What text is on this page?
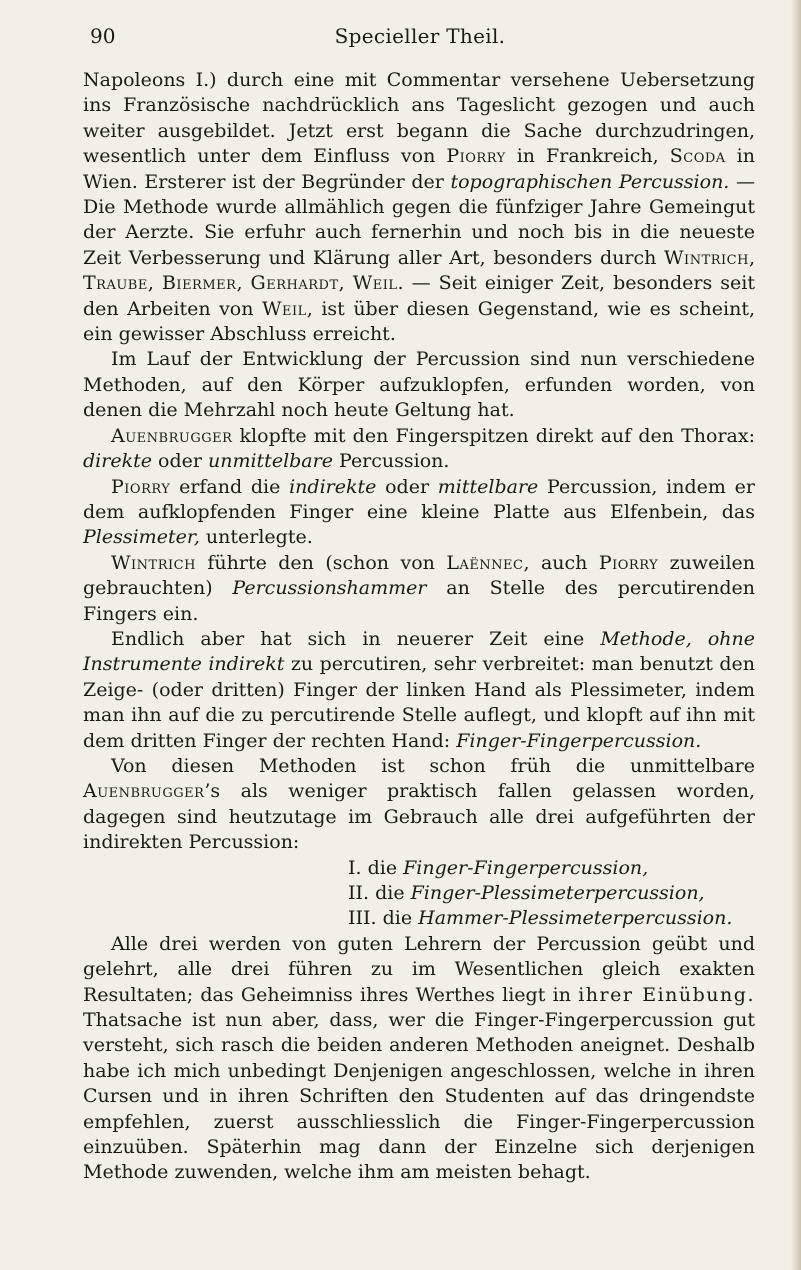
90	Specieller Theil.

Napoleons I.) durch eine mit Commentar versehene Uebersetzung ins Französische nachdrücklich ans Tageslicht gezogen und auch weiter ausgebildet. Jetzt erst begann die Sache durchzudringen, wesentlich unter dem Einfluss von Piorry in Frankreich, Scoda in Wien. Ersterer ist der Begründer der topographischen Percussion. — Die Methode wurde allmählich gegen die fünfziger Jahre Gemeingut der Aerzte. Sie erfuhr auch fernerhin und noch bis in die neueste Zeit Verbesserung und Klärung aller Art, besonders durch Wintrich, Traube, Biermer, Gerhardt, Weil. — Seit einiger Zeit, besonders seit den Arbeiten von Weil, ist über diesen Gegenstand, wie es scheint, ein gewisser Abschluss erreicht.

Im Lauf der Entwicklung der Percussion sind nun verschiedene Methoden, auf den Körper aufzuklopfen, erfunden worden, von denen die Mehrzahl noch heute Geltung hat.

Auenbrugger klopfte mit den Fingerspitzen direkt auf den Thorax: direkte oder unmittelbare Percussion.

Piorry erfand die indirekte oder mittelbare Percussion, indem er dem aufklopfenden Finger eine kleine Platte aus Elfenbein, das Plessimeter, unterlegte.

Wintrich führte den (schon von Laënnec, auch Piorry zuweilen gebrauchten) Percussionshammer an Stelle des percutirenden Fingers ein.

Endlich aber hat sich in neuerer Zeit eine Methode, ohne Instrumente indirekt zu percutiren, sehr verbreitet: man benutzt den Zeige- (oder dritten) Finger der linken Hand als Plessimeter, indem man ihn auf die zu percutirende Stelle auflegt, und klopft auf ihn mit dem dritten Finger der rechten Hand: Finger-Fingerpercussion.

Von diesen Methoden ist schon früh die unmittelbare Auenbrugger’s als weniger praktisch fallen gelassen worden, dagegen sind heutzutage im Gebrauch alle drei aufgeführten der indirekten Percussion:

I. die Finger-Fingerpercussion,
II. die Finger-Plessimeterpercussion,
III. die Hammer-Plessimeterpercussion.

Alle drei werden von guten Lehrern der Percussion geübt und gelehrt, alle drei führen zu im Wesentlichen gleich exakten Resultaten; das Geheimniss ihres Werthes liegt in ihrer Einübung. Thatsache ist nun aber, dass, wer die Finger-Fingerpercussion gut versteht, sich rasch die beiden anderen Methoden aneignet. Deshalb habe ich mich unbedingt Denjenigen angeschlossen, welche in ihren Cursen und in ihren Schriften den Studenten auf das dringendste empfehlen, zuerst ausschliesslich die Finger-Fingerpercussion einzuüben. Späterhin mag dann der Einzelne sich derjenigen Methode zuwenden, welche ihm am meisten behagt.
